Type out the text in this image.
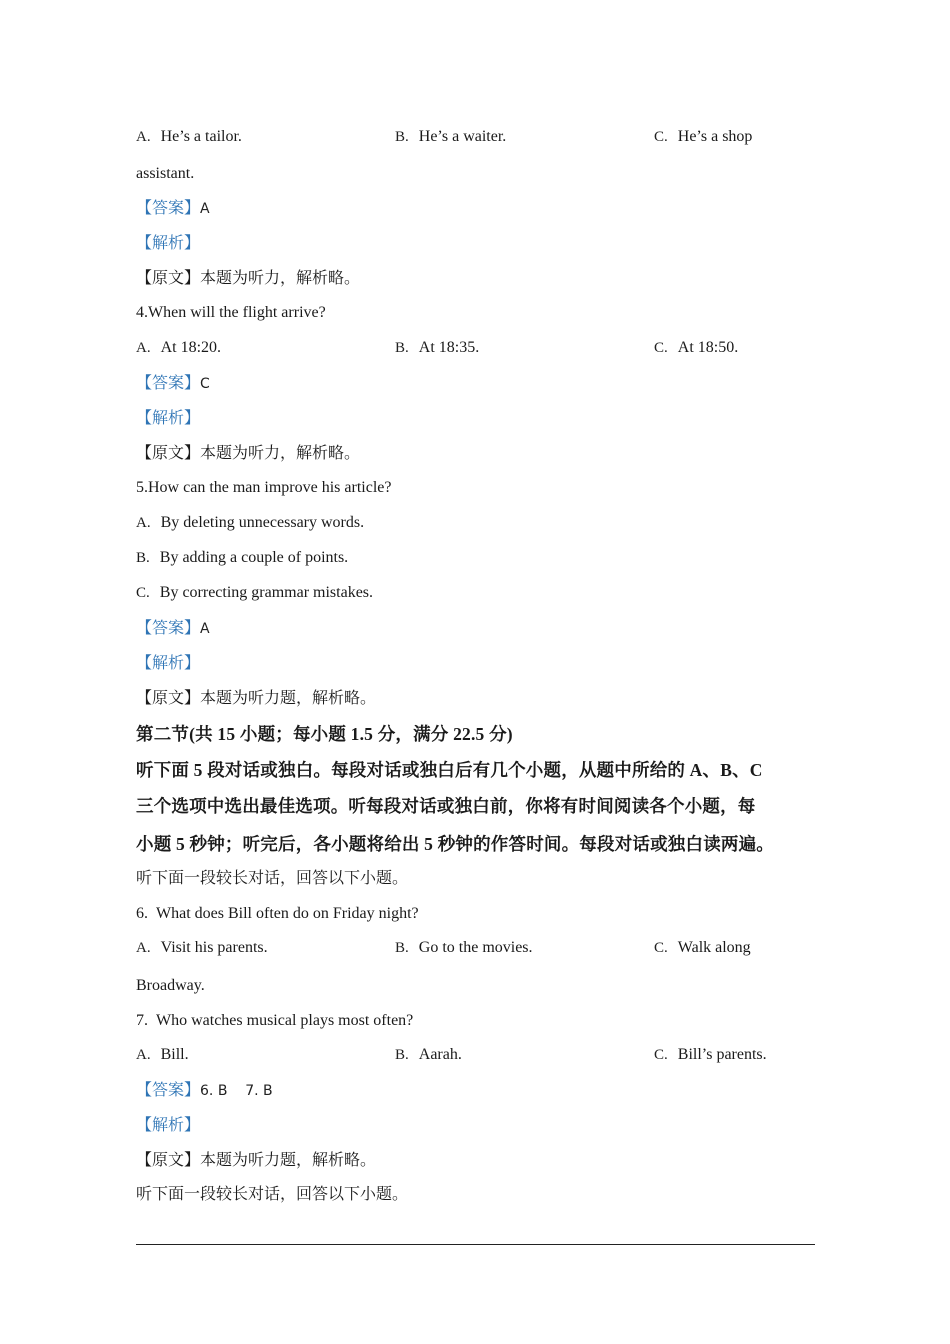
A. He’s a tailor.	B. He’s a waiter.	C. He’s a shop
assistant.
【答案】A
【解析】
【原文】本题为听力，解析略。
4.When will the flight arrive?
A. At 18:20.	B. At 18:35.	C. At 18:50.
【答案】C
【解析】
【原文】本题为听力，解析略。
5.How can the man improve his article?
A. By deleting unnecessary words.
B. By adding a couple of points.
C. By correcting grammar mistakes.
【答案】A
【解析】
【原文】本题为听力题，解析略。
第二节(共 15 小题；每小题 1.5 分，满分 22.5 分)
听下面 5 段对话或独白。每段对话或独白后有几个小题，从题中所给的 A、B、C
三个选项中选出最佳选项。听每段对话或独白前，你将有时间阅读各个小题，每
小题 5 秒钟；听完后，各小题将给出 5 秒钟的作答时间。每段对话或独白读两遍。
听下面一段较长对话，回答以下小题。
6.  What does Bill often do on Friday night?
A. Visit his parents.	B. Go to the movies.	C. Walk along
Broadway.
7.  Who watches musical plays most often?
A. Bill.	B. Aarah.	C. Bill’s parents.
【答案】6. B    7. B
【解析】
【原文】本题为听力题，解析略。
听下面一段较长对话，回答以下小题。
